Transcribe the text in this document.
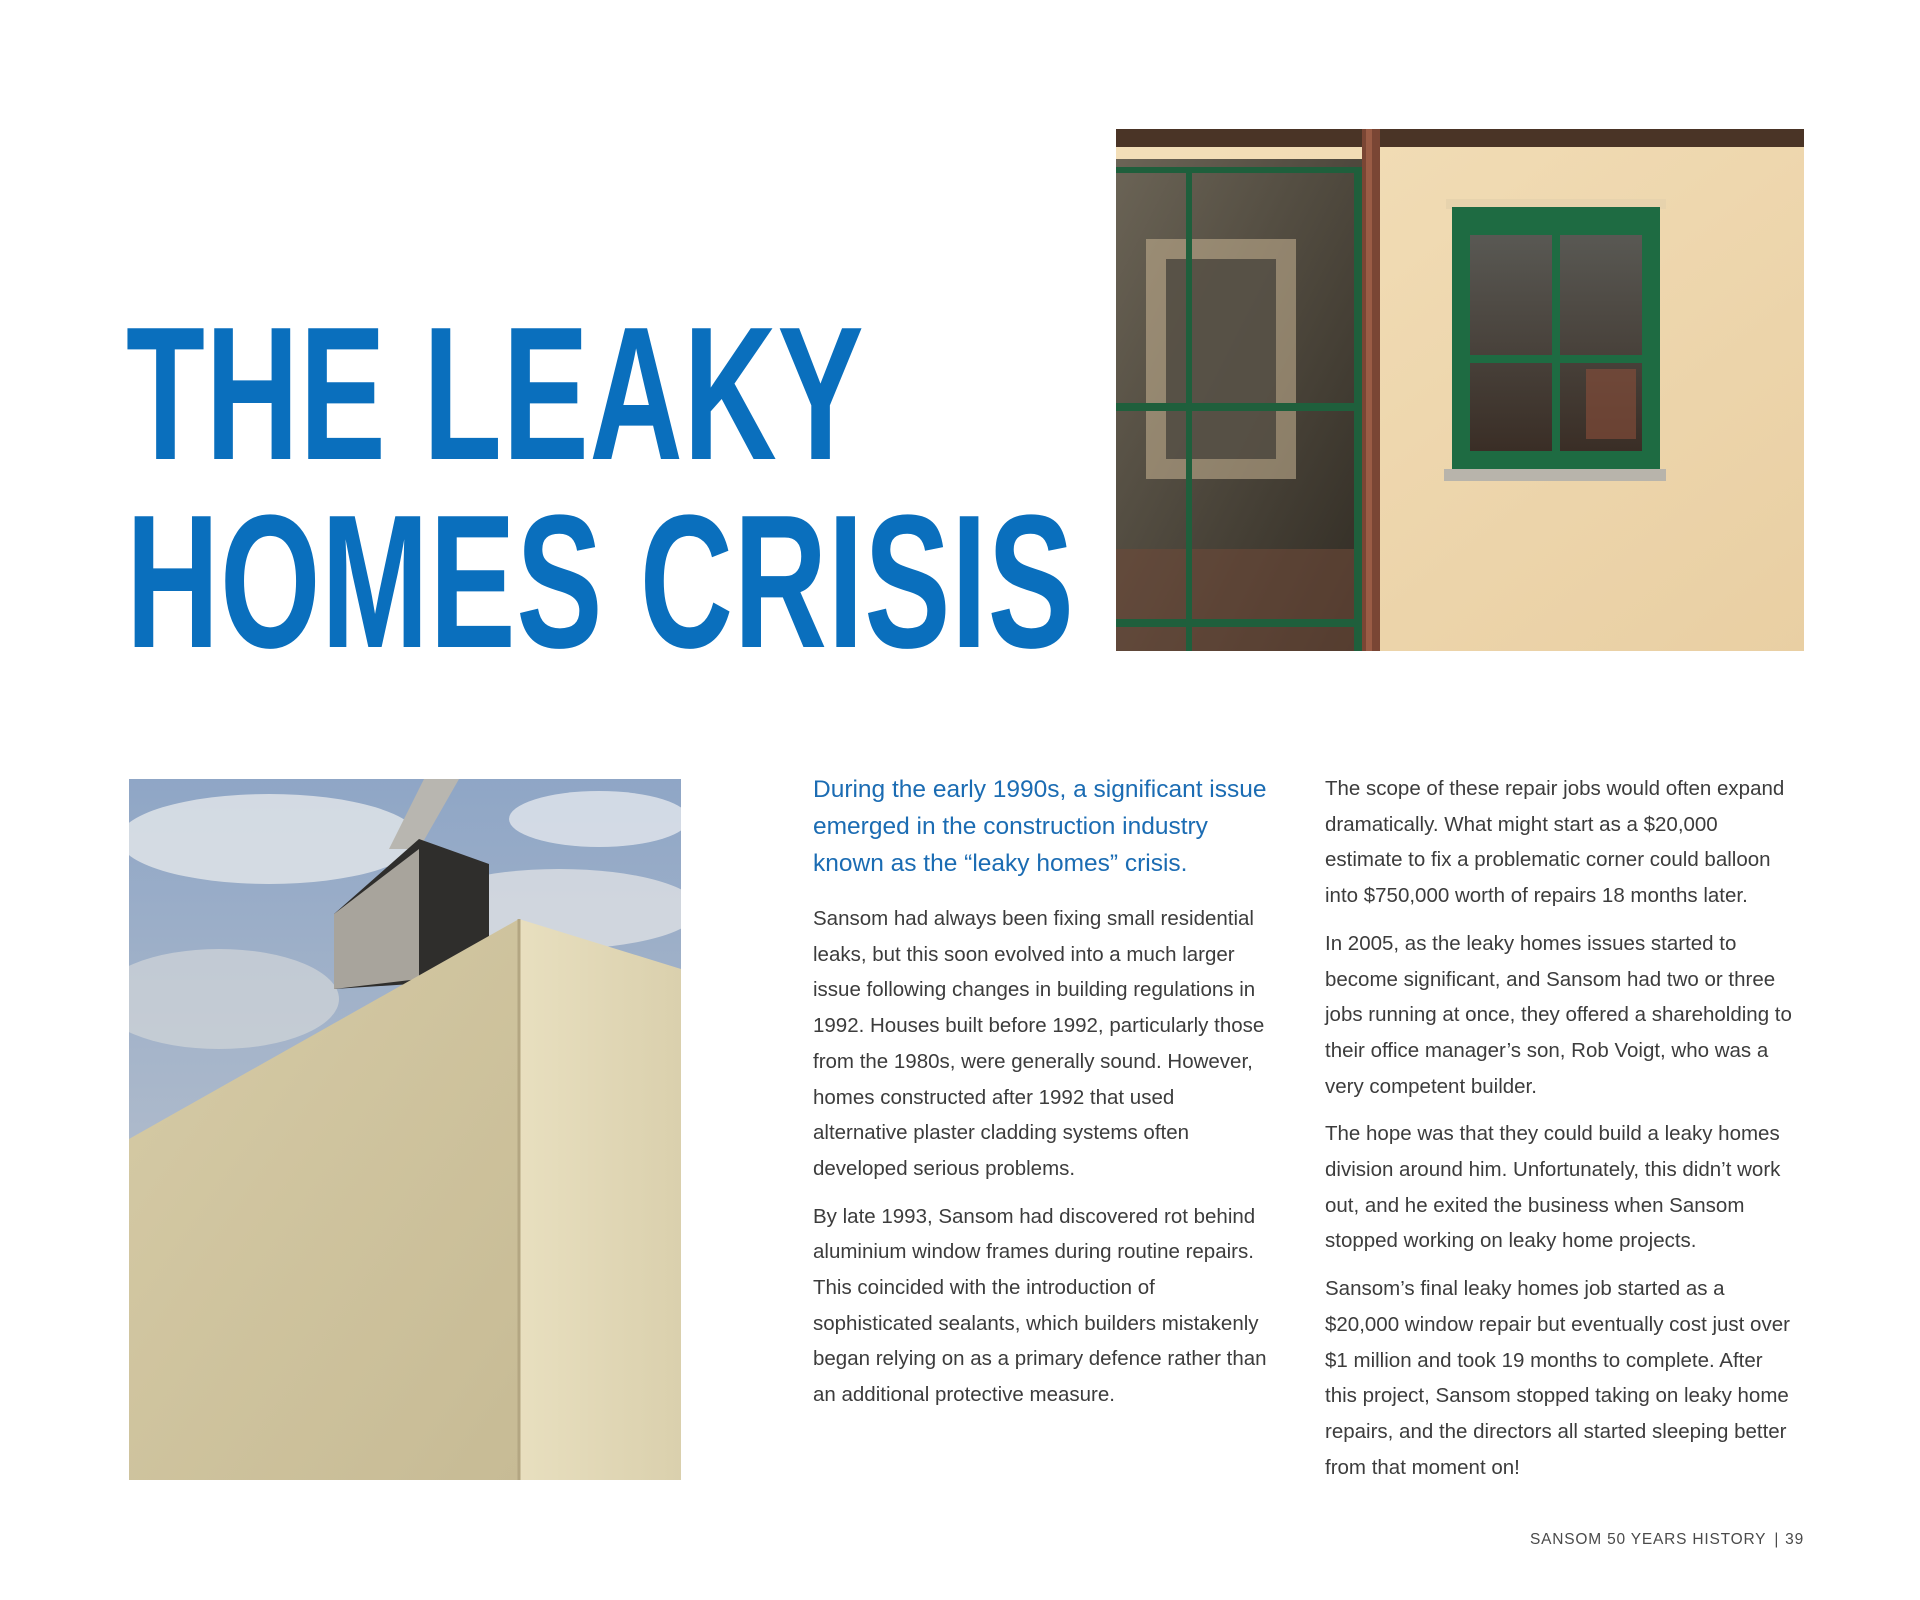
THE LEAKY
HOMES CRISIS

During the early 1990s, a significant issue emerged in the construction industry known as the “leaky homes” crisis.

Sansom had always been fixing small residential leaks, but this soon evolved into a much larger issue following changes in building regulations in 1992. Houses built before 1992, particularly those from the 1980s, were generally sound. However, homes constructed after 1992 that used alternative plaster cladding systems often developed serious problems.

By late 1993, Sansom had discovered rot behind aluminium window frames during routine repairs. This coincided with the introduction of sophisticated sealants, which builders mistakenly began relying on as a primary defence rather than an additional protective measure.

The scope of these repair jobs would often expand dramatically. What might start as a $20,000 estimate to fix a problematic corner could balloon into $750,000 worth of repairs 18 months later.

In 2005, as the leaky homes issues started to become significant, and Sansom had two or three jobs running at once, they offered a shareholding to their office manager’s son, Rob Voigt, who was a very competent builder.

The hope was that they could build a leaky homes division around him. Unfortunately, this didn’t work out, and he exited the business when Sansom stopped working on leaky home projects.

Sansom’s final leaky homes job started as a $20,000 window repair but eventually cost just over $1 million and took 19 months to complete. After this project, Sansom stopped taking on leaky home repairs, and the directors all started sleeping better from that moment on!

SANSOM 50 YEARS HISTORY | 39
